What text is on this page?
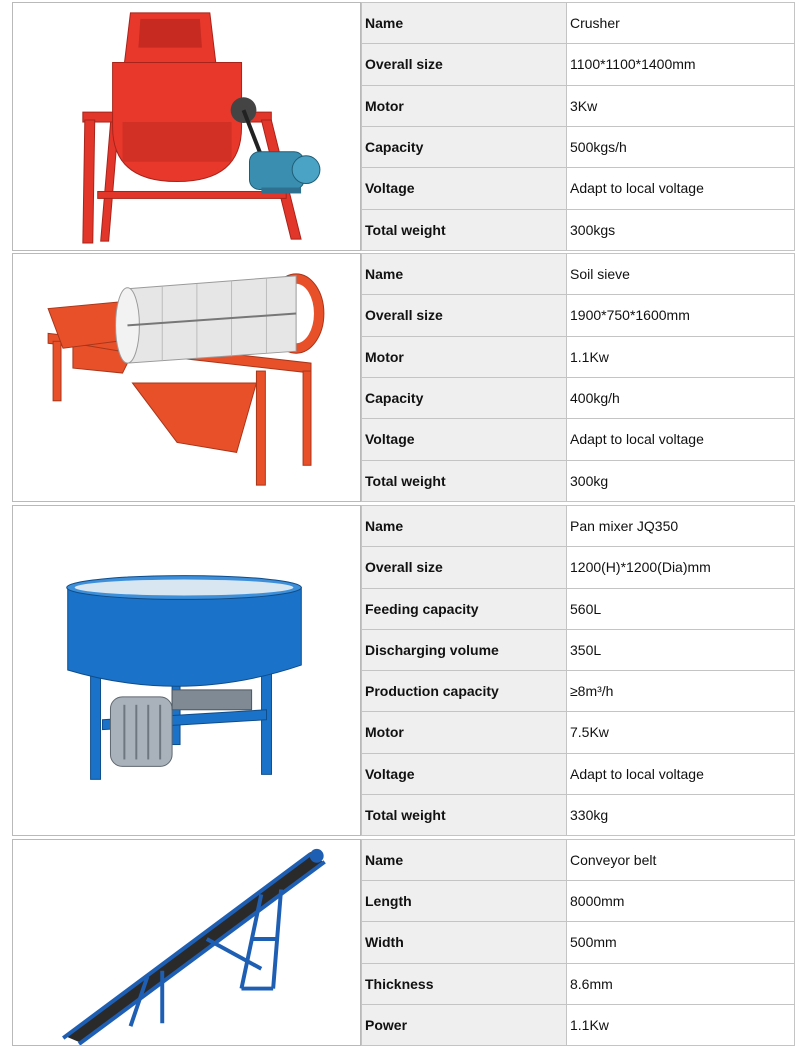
Name	Crusher
Overall size	1100*1100*1400mm
Motor	3Kw
Capacity	500kgs/h
Voltage	Adapt to local voltage
Total weight	300kgs
Name	Soil sieve
Overall size	1900*750*1600mm
Motor	1.1Kw
Capacity	400kg/h
Voltage	Adapt to local voltage
Total weight	300kg
Name	Pan mixer JQ350
Overall size	1200(H)*1200(Dia)mm
Feeding capacity	560L
Discharging volume	350L
Production capacity	≥8m³/h
Motor	7.5Kw
Voltage	Adapt to local voltage
Total weight	330kg
Name	Conveyor belt
Length	8000mm
Width	500mm
Thickness	8.6mm
Power	1.1Kw
